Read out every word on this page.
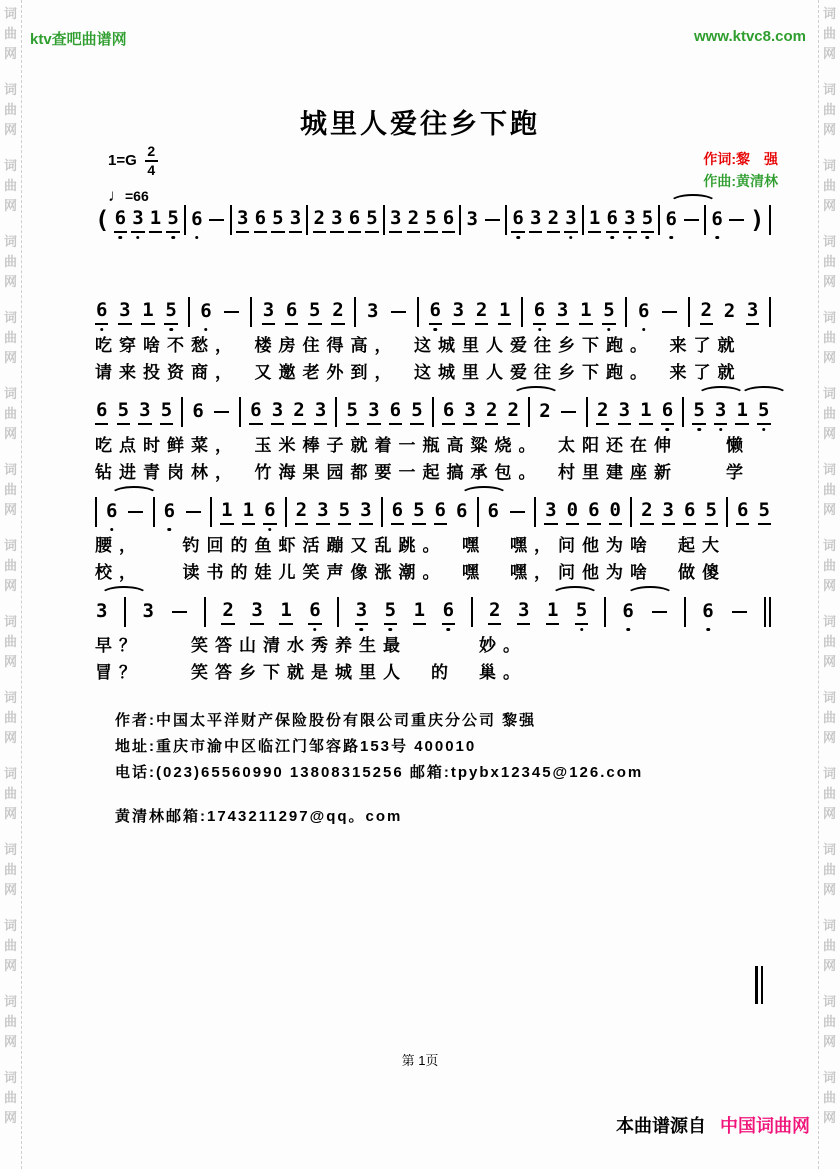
词
曲
网
词
曲
网
词
曲
网
词
曲
网
词
曲
网
词
曲
网
词
曲
网
词
曲
网
词
曲
网
词
曲
网
词
曲
网
词
曲
网
词
曲
网
词
曲
网
词
曲
网
词
曲
网
词
曲
网
词
曲
网
词
曲
网
词
曲
网
词
曲
网
词
曲
网
词
曲
网
词
曲
网
词
曲
网
词
曲
网
词
曲
网
词
曲
网
词
曲
网
词
曲
网
ktv查吧曲谱网	www.ktvc8.com
城里人爱往乡下跑
$1=G \frac{2}{4}$
♩=66
作词:黎　强
作曲:黄清林
( 6 3 1 5 6 3 6 5 3 2 3 6 5 3 2 5 6 3 6 3 2 3 1 6 3 5 6 6 )
6 3 1 5 6	3 6 5 2 3	6 3 2 1 6 3 1 5 6	2 2 3
吃穿啥不愁，　楼房住得高，　这城里人爱往乡下跑。　来了就
请来投资商，　又邀老外到，　这城里人爱往乡下跑。　来了就
6 5 3 5 6 6 3 2 3 5 3 6 5 6 3 2 2 2 2 3 1 6 5 3 1 5
吃点时鲜菜，　玉米棒子就着一瓶高粱烧。　太阳还在伸　　懒
钻进青岗林，　竹海果园都要一起搞承包。　村里建座新　　学
6 6 1 1 6 2 3 5 3 6 5 6 6 6 3 0 6 0 2 3 6 5 6 5
腰，　　钓回的鱼虾活蹦又乱跳。　嘿　嘿，问他为啥　起大
校，　　读书的娃儿笑声像涨潮。　嘿　嘿，问他为啥　做傻
3 3	2 3 1 6 3 5 1 6 2 3 1 5 6	6
早？　　笑答山清水秀养生最　　　妙。
冒？　　笑答乡下就是城里人　的　巢。
作者:中国太平洋财产保险股份有限公司重庆分公司 黎强
地址:重庆市渝中区临江门邹容路153号 400010
电话:(023)65560990 13808315256 邮箱:tpybx12345@126.com
黄清林邮箱:1743211297@qq。com
第 1页
本曲谱源自 中国词曲网
